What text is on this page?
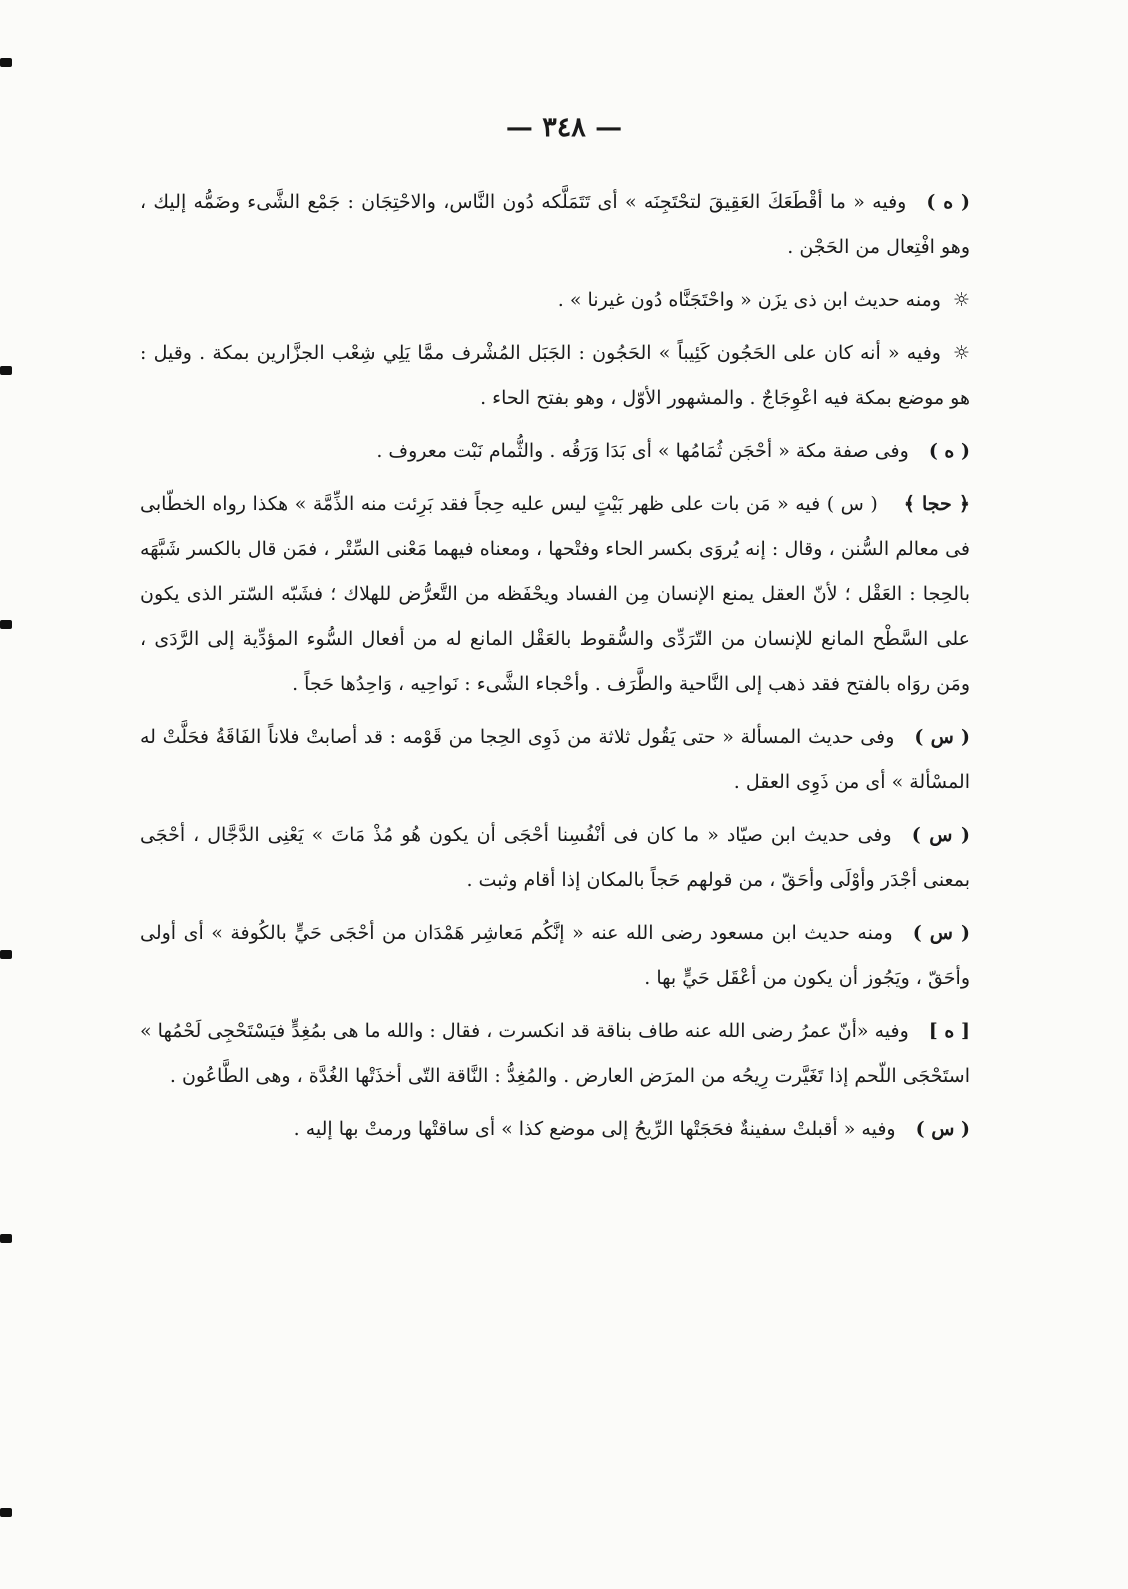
— ٣٤٨ —

( ه )وفيه « ما أقْطَعَكَ العَقِيقَ لتحْتَجِنَه » أى تَتَمَلَّكه دُون النَّاس، والاحْتِجَان : جَمْع الشَّىء وضَمُّه إليك ، وهو افْتِعال من الحَجْن .

☼ومنه حديث ابن ذى يزَن « واحْتَجَنَّاه دُون غيرنا » .

☼وفيه « أنه كان على الحَجُون كَئِيباً » الحَجُون : الجَبَل المُشْرف ممَّا يَلِي شِعْب الجزَّارين بمكة . وقيل : هو موضع بمكة فيه اعْوِجَاجٌ . والمشهور الأوّل ، وهو بفتح الحاء .

( ه )وفى صفة مكة « أحْجَن ثُمَامُها » أى بَدَا وَرَقُه . والثُّمام نَبْت معروف .

﴿ حجا ﴾( س ) فيه « مَن بات على ظهر بَيْتٍ ليس عليه حِجاً فقد بَرِئت منه الذِّمَّة » هكذا رواه الخطّابى فى معالم السُّنن ، وقال : إنه يُروَى بكسر الحاء وفتْحها ، ومعناه فيهما مَعْنى السِّتْر ، فمَن قال بالكسر شَبَّهَه بالحِجا : العَقْل ؛ لأنّ العقل يمنع الإنسان مِن الفساد ويحْفَظه من التَّعرُّض للهلاك ؛ فشَبّه السّتر الذى يكون على السَّطْح المانع للإنسان من التّرَدِّى والسُّقوط بالعَقْل المانع له من أفعال السُّوء المؤدِّية إلى الرَّدَى ، ومَن روَاه بالفتح فقد ذهب إلى النَّاحية والطَّرَف . وأحْجاء الشَّىء : نَواحِيه ، وَاحِدُها حَجاً .

( س )وفى حديث المسألة « حتى يَقُول ثلاثة من ذَوِى الحِجا من قَوْمه : قد أصابتْ فلاناً الفَاقَةُ فحَلَّتْ له المسْألة » أى من ذَوِى العقل .

( س )وفى حديث ابن صيّاد « ما كان فى أنْفُسِنا أحْجَى أن يكون هُو مُذْ مَاتَ » يَعْنِى الدَّجَّال ، أحْجَى بمعنى أجْدَر وأوْلَى وأحَقّ ، من قولهم حَجاً بالمكان إذا أقام وثبت .

( س )ومنه حديث ابن مسعود رضى الله عنه « إنَّكُم مَعاشِر هَمْدَان من أحْجَى حَيٍّ بالكُوفة » أى أولى وأحَقّ ، ويَجُوز أن يكون من أعْقَل حَيٍّ بها .

[ ه ]وفيه «أنّ عمرُ رضى الله عنه طاف بناقة قد انكسرت ، فقال : والله ما هى بمُغِدٍّ فيَسْتَحْجِى لَحْمُها » استَحْجَى اللّحم إذا تَغَيَّرت رِيحُه من المرَض العارض . والمُغِدُّ : النَّاقة التّى أخذَتْها الغُدَّة ، وهى الطَّاعُون .

( س )وفيه « أقبلتْ سفينةٌ فحَجَتْها الرِّيحُ إلى موضع كذا » أى ساقتْها ورمتْ بها إليه .
